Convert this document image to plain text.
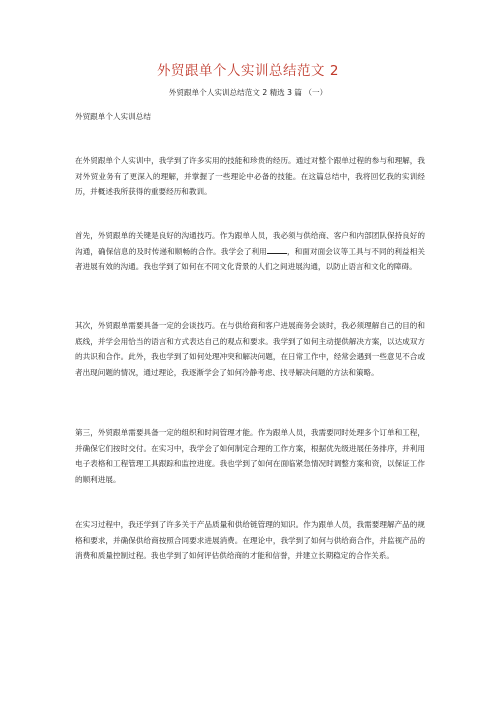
外贸跟单个人实训总结范文 2
外贸跟单个人实训总结范文 2 精选 3 篇 （一）
外贸跟单个人实训总结

在外贸跟单个人实训中，我学到了许多实用的技能和珍贵的经历。通过对整个跟单过程的参与和理解，我对外贸业务有了更深入的理解，并掌握了一些理论中必备的技能。在这篇总结中，我将回忆我的实训经历，并概述我所获得的重要经历和教训。

首先，外贸跟单的关键是良好的沟通技巧。作为跟单人员，我必须与供给商、客户和内部团队保持良好的沟通，确保信息的及时传递和顺畅的合作。我学会了利用	，和面对面会议等工具与不同的利益相关者进展有效的沟通。我也学到了如何在不同文化背景的人们之间进展沟通，以防止语言和文化的障碍。

其次，外贸跟单需要具备一定的会谈技巧。在与供给商和客户进展商务会谈时，我必须理解自己的目的和底线，并学会用恰当的语言和方式表达自己的观点和要求。我学到了如何主动提供解决方案，以达成双方的共识和合作。此外，我也学到了如何处理冲突和解决问题，在日常工作中，经常会遇到一些意见不合或者出现问题的情况，通过理论，我逐渐学会了如何冷静考虑、找寻解决问题的方法和策略。

第三，外贸跟单需要具备一定的组织和时间管理才能。作为跟单人员，我需要同时处理多个订单和工程，并确保它们按时交付。在实习中，我学会了如何制定合理的工作方案，根据优先级进展任务排序，并利用电子表格和工程管理工具跟踪和监控进度。我也学到了如何在面临紧急情况时调整方案和资，以保证工作的顺利进展。

在实习过程中，我还学到了许多关于产品质量和供给链管理的知识。作为跟单人员，我需要理解产品的规格和要求，并确保供给商按照合同要求进展消费。在理论中，我学到了如何与供给商合作，并监视产品的消费和质量控制过程。我也学到了如何评估供给商的才能和信誉，并建立长期稳定的合作关系。
